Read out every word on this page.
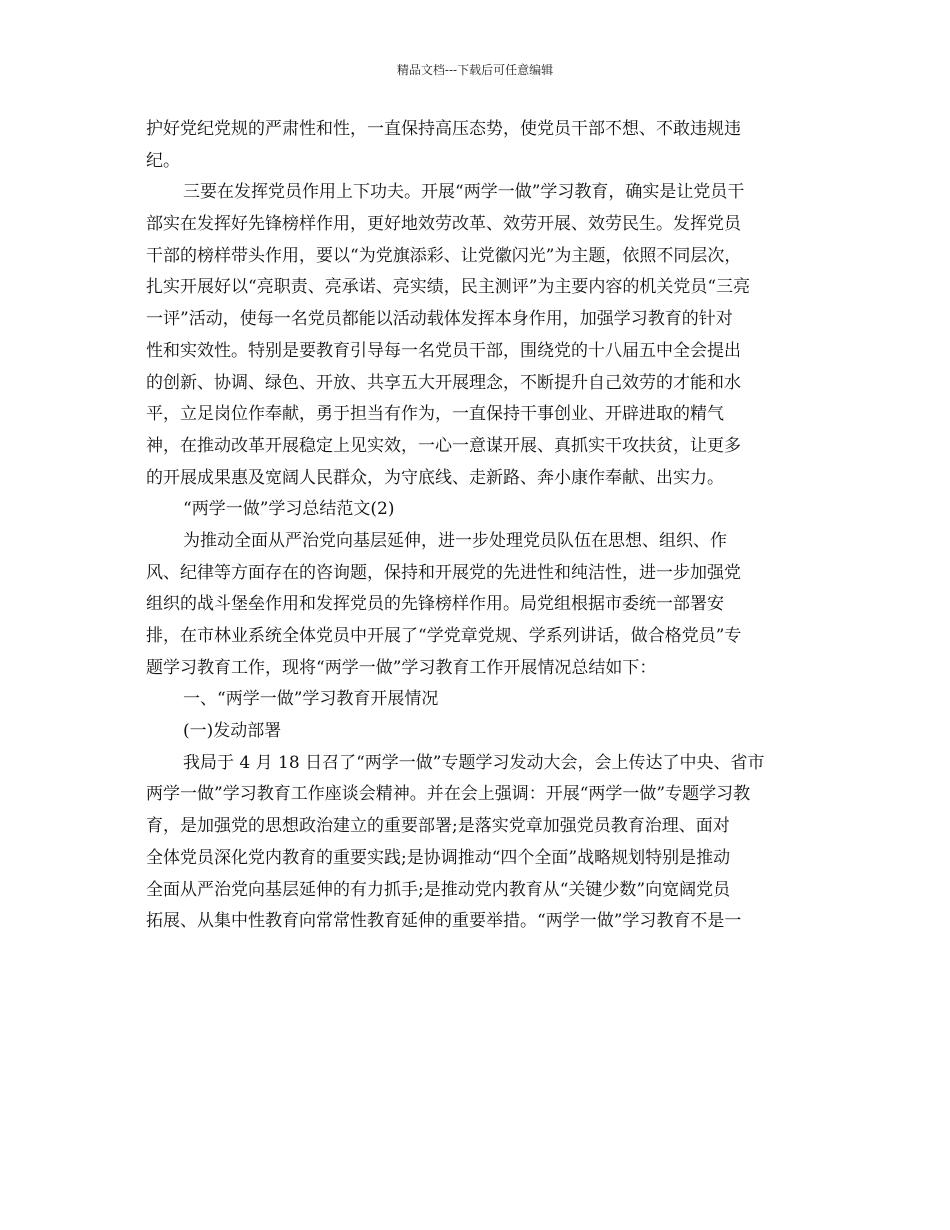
精品文档---下载后可任意编辑
护好党纪党规的严肃性和性，一直保持高压态势，使党员干部不想、不敢违规违
纪。
三要在发挥党员作用上下功夫。开展“两学一做”学习教育，确实是让党员干
部实在发挥好先锋榜样作用，更好地效劳改革、效劳开展、效劳民生。发挥党员
干部的榜样带头作用，要以“为党旗添彩、让党徽闪光”为主题，依照不同层次，
扎实开展好以“亮职责、亮承诺、亮实绩，民主测评”为主要内容的机关党员“三亮
一评”活动，使每一名党员都能以活动载体发挥本身作用，加强学习教育的针对
性和实效性。特别是要教育引导每一名党员干部，围绕党的十八届五中全会提出
的创新、协调、绿色、开放、共享五大开展理念，不断提升自己效劳的才能和水
平，立足岗位作奉献，勇于担当有作为，一直保持干事创业、开辟进取的精气
神，在推动改革开展稳定上见实效，一心一意谋开展、真抓实干攻扶贫，让更多
的开展成果惠及宽阔人民群众，为守底线、走新路、奔小康作奉献、出实力。
“两学一做”学习总结范文(2)
为推动全面从严治党向基层延伸，进一步处理党员队伍在思想、组织、作
风、纪律等方面存在的咨询题，保持和开展党的先进性和纯洁性，进一步加强党
组织的战斗堡垒作用和发挥党员的先锋榜样作用。局党组根据市委统一部署安
排，在市林业系统全体党员中开展了“学党章党规、学系列讲话，做合格党员”专
题学习教育工作，现将“两学一做”学习教育工作开展情况总结如下：
一、“两学一做”学习教育开展情况
(一)发动部署
我局于 4 月 18 日召了“两学一做”专题学习发动大会，会上传达了中央、省市
两学一做”学习教育工作座谈会精神。并在会上强调：开展“两学一做”专题学习教
育，是加强党的思想政治建立的重要部署;是落实党章加强党员教育治理、面对
全体党员深化党内教育的重要实践;是协调推动“四个全面”战略规划特别是推动
全面从严治党向基层延伸的有力抓手;是推动党内教育从“关键少数”向宽阔党员
拓展、从集中性教育向常常性教育延伸的重要举措。“两学一做”学习教育不是一
